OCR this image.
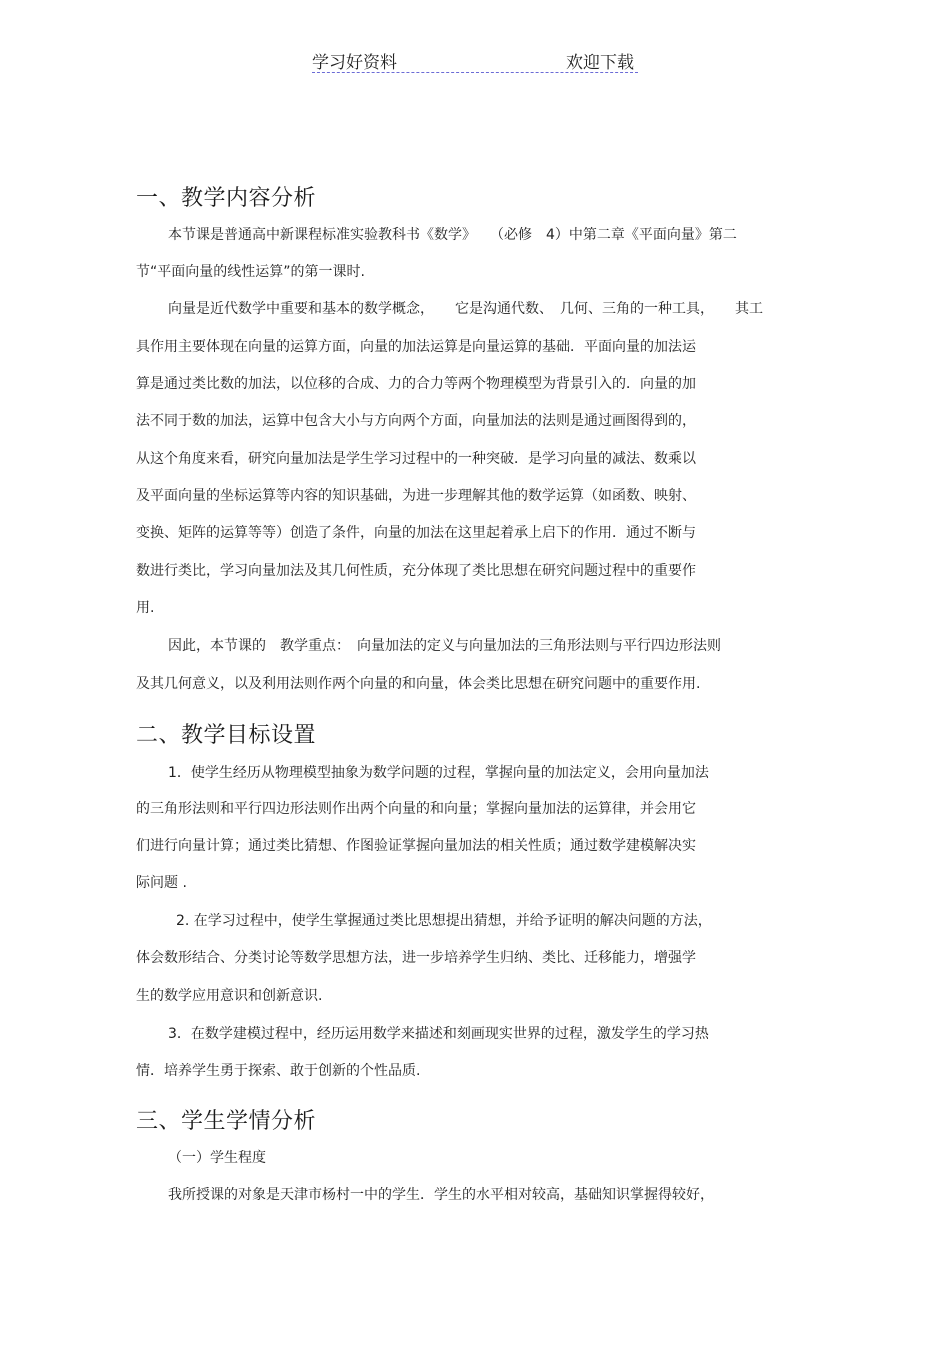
学习好资料	欢迎下载
一、教学内容分析
本节课是普通高中新课程标准实验教科书《数学》　　（必修　4）中第二章《平面向量》第二
节“平面向量的线性运算”的第一课时.
向量是近代数学中重要和基本的数学概念，　　它是沟通代数、　几何、三角的一种工具，　　其工
具作用主要体现在向量的运算方面，向量的加法运算是向量运算的基础．平面向量的加法运
算是通过类比数的加法，以位移的合成、力的合力等两个物理模型为背景引入的．向量的加
法不同于数的加法，运算中包含大小与方向两个方面，向量加法的法则是通过画图得到的，
从这个角度来看，研究向量加法是学生学习过程中的一种突破．是学习向量的减法、数乘以
及平面向量的坐标运算等内容的知识基础，为进一步理解其他的数学运算（如函数、映射、
变换、矩阵的运算等等）创造了条件，向量的加法在这里起着承上启下的作用．通过不断与
数进行类比，学习向量加法及其几何性质，充分体现了类比思想在研究问题过程中的重要作
用.
因此，本节课的　教学重点：　向量加法的定义与向量加法的三角形法则与平行四边形法则
及其几何意义，以及利用法则作两个向量的和向量，体会类比思想在研究问题中的重要作用.
二、教学目标设置
1．使学生经历从物理模型抽象为数学问题的过程，掌握向量的加法定义，会用向量加法
的三角形法则和平行四边形法则作出两个向量的和向量；掌握向量加法的运算律，并会用它
们进行向量计算；通过类比猜想、作图验证掌握向量加法的相关性质；通过数学建模解决实
际问题 .
2. 在学习过程中，使学生掌握通过类比思想提出猜想，并给予证明的解决问题的方法，
体会数形结合、分类讨论等数学思想方法，进一步培养学生归纳、类比、迁移能力，增强学
生的数学应用意识和创新意识.
3．在数学建模过程中，经历运用数学来描述和刻画现实世界的过程，激发学生的学习热
情．培养学生勇于探索、敢于创新的个性品质.
三、学生学情分析
（一）学生程度
我所授课的对象是天津市杨村一中的学生．学生的水平相对较高，基础知识掌握得较好，
